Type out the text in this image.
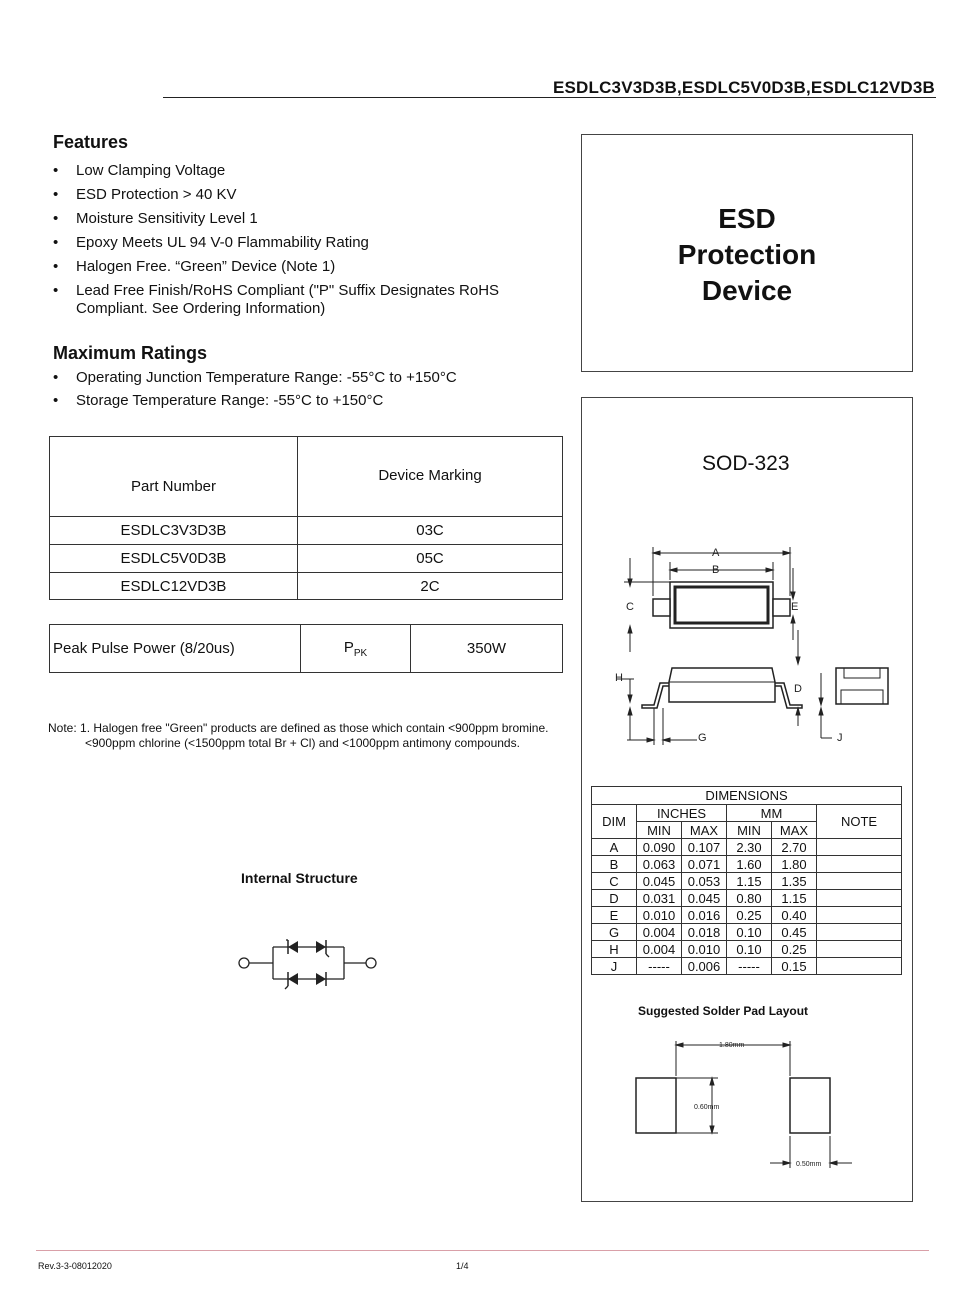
ESDLC3V3D3B,ESDLC5V0D3B,ESDLC12VD3B
Features
• Low Clamping Voltage
• ESD Protection > 40 KV
• Moisture Sensitivity Level 1
• Epoxy Meets UL 94 V-0 Flammability Rating
• Halogen Free. “Green” Device (Note 1)
• Lead Free Finish/RoHS Compliant ("P" Suffix Designates RoHS Compliant. See Ordering Information)
Maximum Ratings
• Operating Junction Temperature Range: -55°C to +150°C
• Storage Temperature Range: -55°C to +150°C
Part Number	Device Marking
ESDLC3V3D3B	03C
ESDLC5V0D3B	05C
ESDLC12VD3B	2C
Peak Pulse Power (8/20us)	$P_{PK}$	350W
Note: 1. Halogen free "Green" products are defined as those which contain <900ppm bromine.
<900ppm chlorine (<1500ppm total Br + Cl) and <1000ppm antimony compounds.
Internal Structure
ESD
Protection
Device
SOD-323
A
B
C	E
D
H
G	J
DIMENSIONS					
DIM	INCHES		MM		NOTE
	MIN	MAX	MIN	MAX	
A	0.090	0.107	2.30	2.70	
B	0.063	0.071	1.60	1.80	
C	0.045	0.053	1.15	1.35	
D	0.031	0.045	0.80	1.15	
E	0.010	0.016	0.25	0.40	
G	0.004	0.018	0.10	0.45	
H	0.004	0.010	0.10	0.25	
J	-----	0.006	-----	0.15	
Suggested Solder Pad Layout
1.80mm
0.60mm
0.50mm
Rev.3-3-08012020	1/4
